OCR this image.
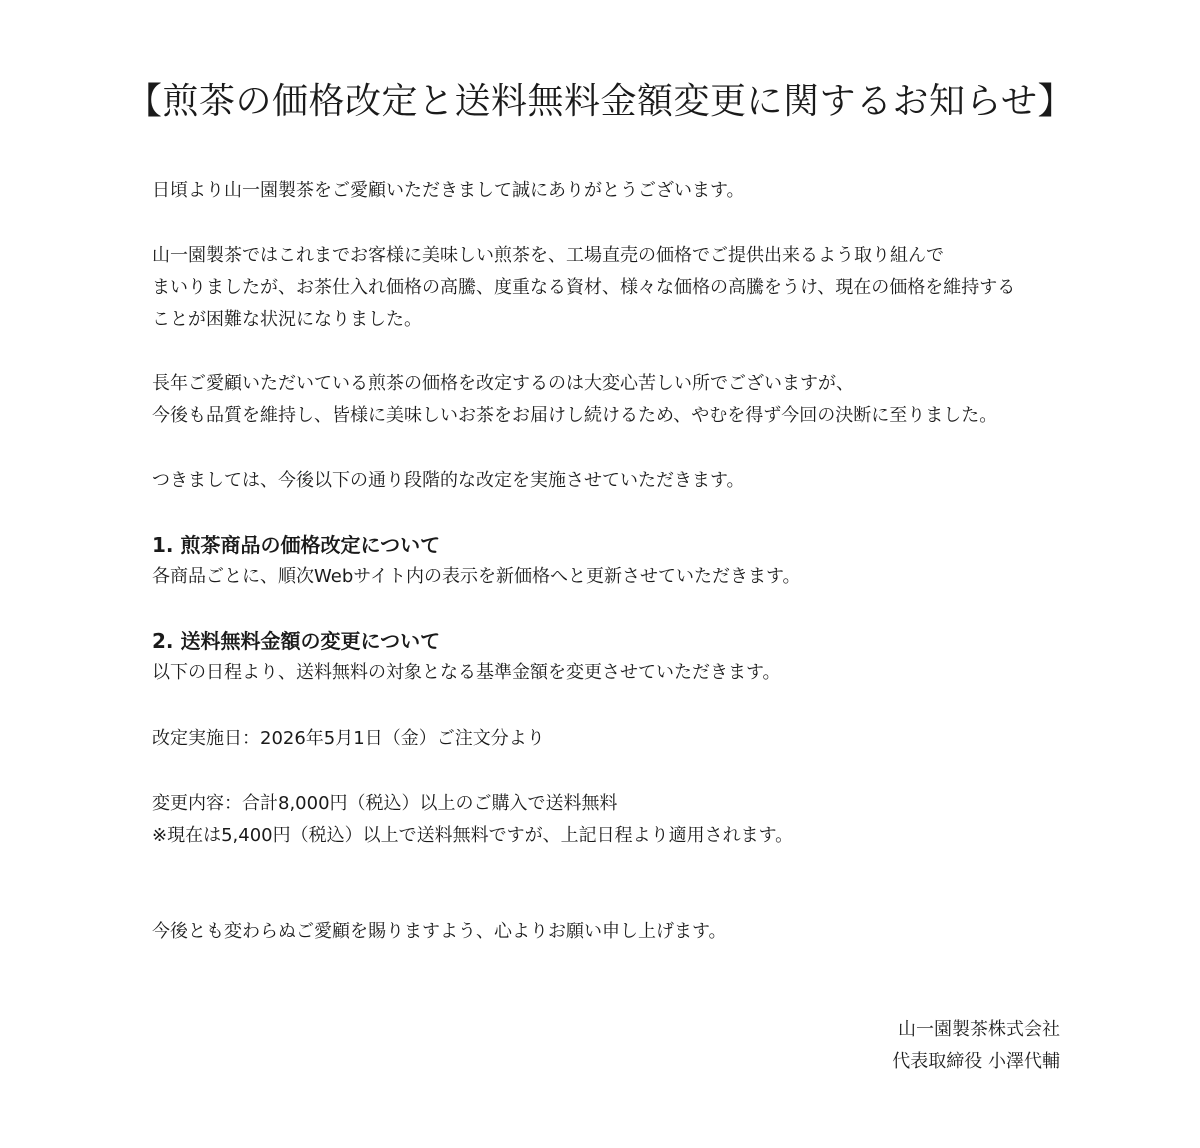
【煎茶の価格改定と送料無料金額変更に関するお知らせ】

日頃より山一園製茶をご愛顧いただきまして誠にありがとうございます。

山一園製茶ではこれまでお客様に美味しい煎茶を、工場直売の価格でご提供出来るよう取り組んで
まいりましたが、お茶仕入れ価格の高騰、度重なる資材、様々な価格の高騰をうけ、現在の価格を維持する
ことが困難な状況になりました。
長年ご愛顧いただいている煎茶の価格を改定するのは大変心苦しい所でございますが、
今後も品質を維持し、皆様に美味しいお茶をお届けし続けるため、やむを得ず今回の決断に至りました。

つきましては、今後以下の通り段階的な改定を実施させていただきます。

1. 煎茶商品の価格改定について

各商品ごとに、順次Webサイト内の表示を新価格へと更新させていただきます。

2. 送料無料金額の変更について

以下の日程より、送料無料の対象となる基準金額を変更させていただきます。

改定実施日：2026年5月1日（金）ご注文分より

変更内容：合計8,000円（税込）以上のご購入で送料無料
※現在は5,400円（税込）以上で送料無料ですが、上記日程より適用されます。

今後とも変わらぬご愛顧を賜りますよう、心よりお願い申し上げます。

山一園製茶株式会社
代表取締役 小澤代輔
